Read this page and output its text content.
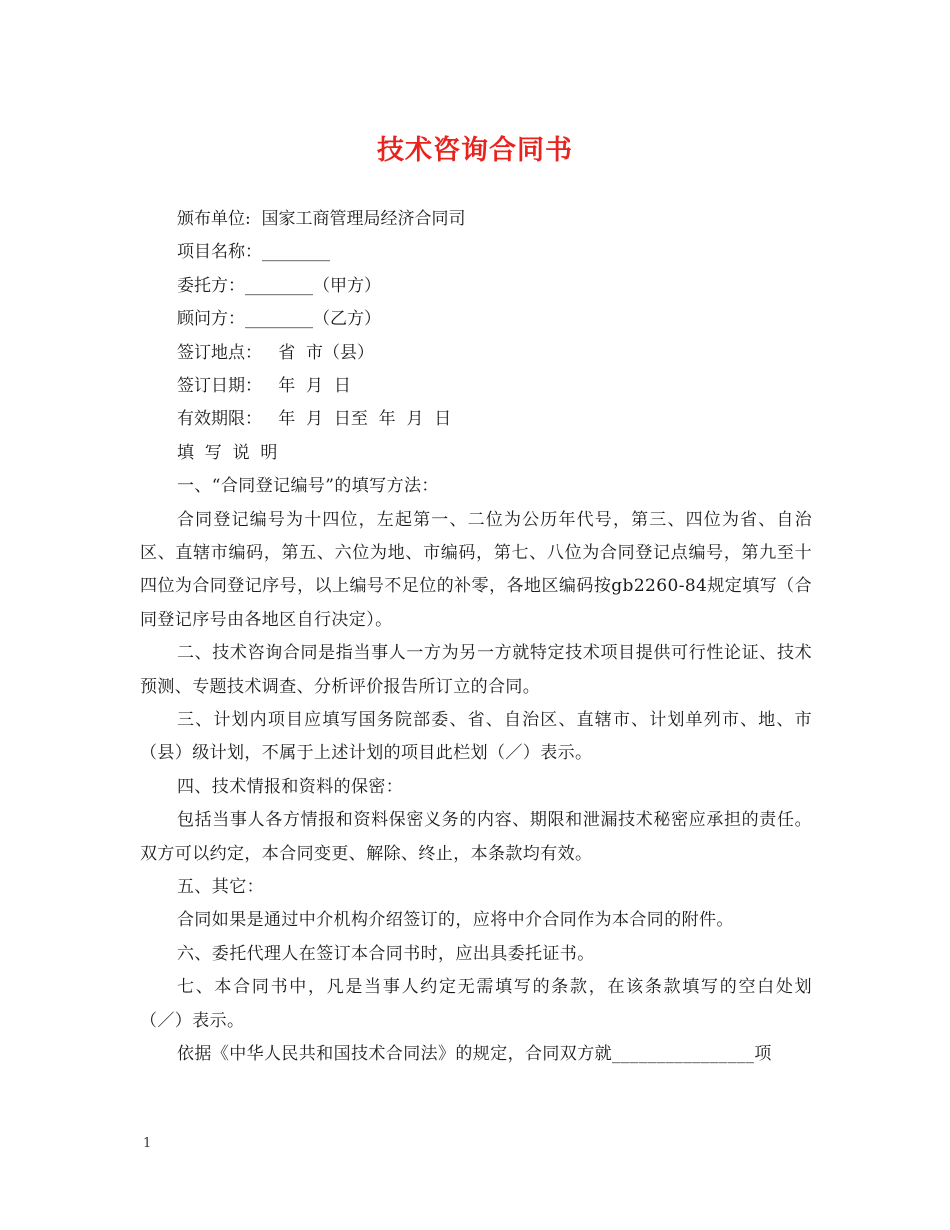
技术咨询合同书

颁布单位:  国家工商管理局经济合同司

项目名称：________

委托方：________（甲方）

顾问方：________（乙方）

签订地点：   省  市（县）

签订日期：   年  月  日

有效期限：   年  月  日至  年  月  日

填  写  说  明

一、“合同登记编号”的填写方法：

合同登记编号为十四位，左起第一、二位为公历年代号，第三、四位为省、自治区、直辖市编码，第五、六位为地、市编码，第七、八位为合同登记点编号，第九至十四位为合同登记序号，以上编号不足位的补零，各地区编码按gb2260-84规定填写（合同登记序号由各地区自行决定）。

二、技术咨询合同是指当事人一方为另一方就特定技术项目提供可行性论证、技术预测、专题技术调查、分析评价报告所订立的合同。

三、计划内项目应填写国务院部委、省、自治区、直辖市、计划单列市、地、市（县）级计划，不属于上述计划的项目此栏划（／）表示。

四、技术情报和资料的保密：

包括当事人各方情报和资料保密义务的内容、期限和泄漏技术秘密应承担的责任。双方可以约定，本合同变更、解除、终止，本条款均有效。

五、其它：

合同如果是通过中介机构介绍签订的，应将中介合同作为本合同的附件。

六、委托代理人在签订本合同书时，应出具委托证书。

七、本合同书中，凡是当事人约定无需填写的条款，在该条款填写的空白处划（／）表示。

依据《中华人民共和国技术合同法》的规定，合同双方就________________项

1
